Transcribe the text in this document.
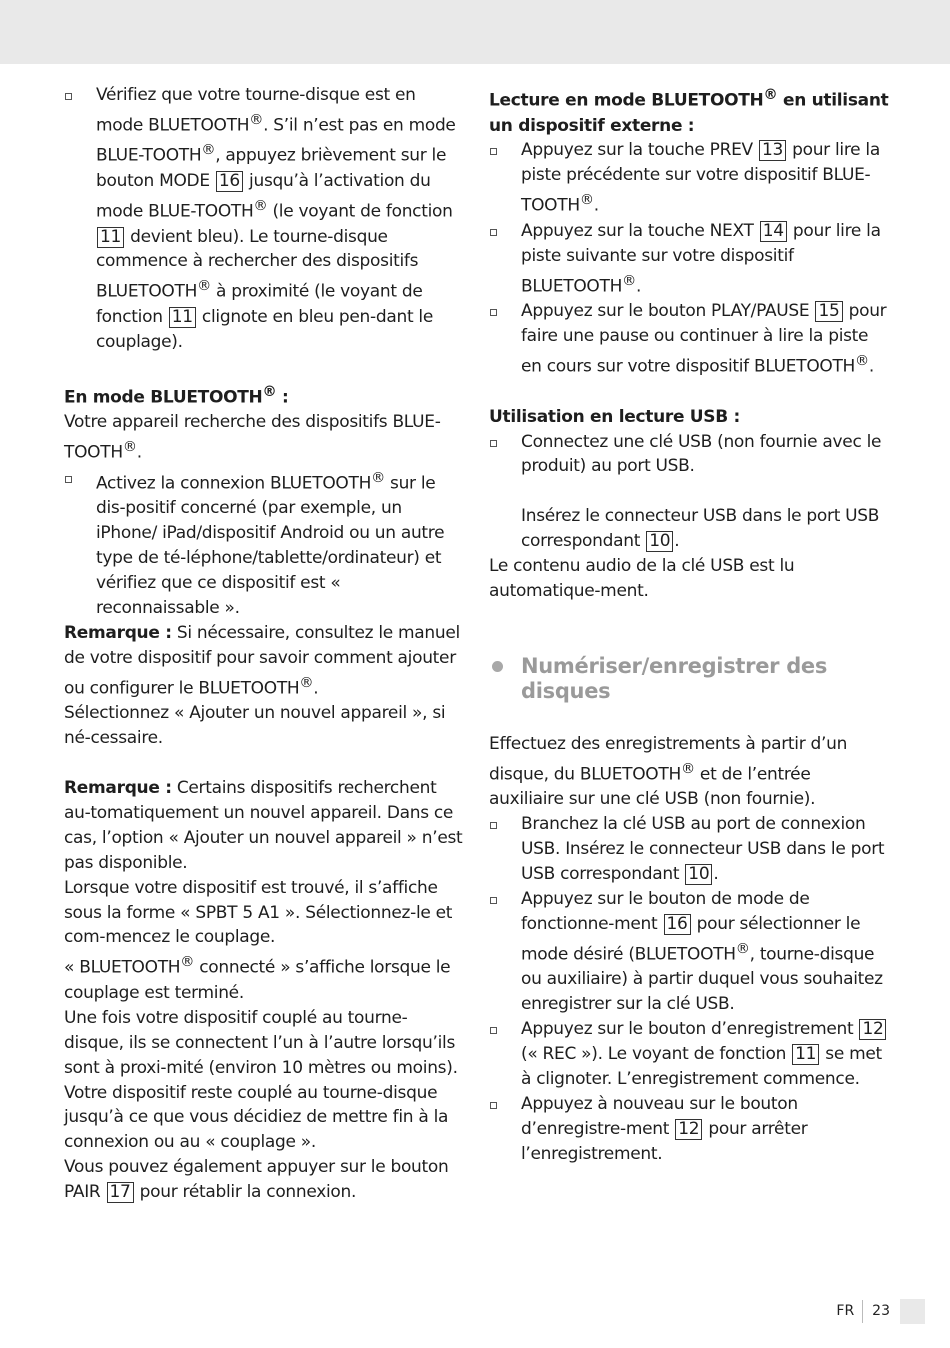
Vérifiez que votre tourne-disque est en mode BLUETOOTH®. S’il n’est pas en mode BLUE-TOOTH®, appuyez brièvement sur le bouton MODE 16 jusqu’à l’activation du mode BLUE-TOOTH® (le voyant de fonction 11 devient bleu). Le tourne-disque commence à rechercher des dispositifs BLUETOOTH® à proximité (le voyant de fonction 11 clignote en bleu pen-dant le couplage).

En mode BLUETOOTH® :

Votre appareil recherche des dispositifs BLUE-TOOTH®.

Activez la connexion BLUETOOTH® sur le dis-positif concerné (par exemple, un iPhone/ iPad/dispositif Android ou un autre type de té-léphone/tablette/ordinateur) et vérifiez que ce dispositif est « reconnaissable ».

Remarque : Si nécessaire, consultez le manuel de votre dispositif pour savoir comment ajouter ou configurer le BLUETOOTH®.

Sélectionnez « Ajouter un nouvel appareil », si né-cessaire.

Remarque : Certains dispositifs recherchent au-tomatiquement un nouvel appareil. Dans ce cas, l’option « Ajouter un nouvel appareil » n’est pas disponible.

Lorsque votre dispositif est trouvé, il s’affiche sous la forme « SPBT 5 A1 ». Sélectionnez-le et com-mencez le couplage.

« BLUETOOTH® connecté » s’affiche lorsque le couplage est terminé.

Une fois votre dispositif couplé au tourne-disque, ils se connectent l’un à l’autre lorsqu’ils sont à proxi-mité (environ 10 mètres ou moins).

Votre dispositif reste couplé au tourne-disque jusqu’à ce que vous décidiez de mettre fin à la connexion ou au « couplage ».

Vous pouvez également appuyer sur le bouton PAIR 17 pour rétablir la connexion.

Lecture en mode BLUETOOTH® en utilisant un dispositif externe :

Appuyez sur la touche PREV 13 pour lire la piste précédente sur votre dispositif BLUE-TOOTH®.

Appuyez sur la touche NEXT 14 pour lire la piste suivante sur votre dispositif BLUETOOTH®.

Appuyez sur le bouton PLAY/PAUSE 15 pour faire une pause ou continuer à lire la piste en cours sur votre dispositif BLUETOOTH®.

Utilisation en lecture USB :

Connectez une clé USB (non fournie avec le produit) au port USB.

Insérez le connecteur USB dans le port USB correspondant 10 .

Le contenu audio de la clé USB est lu automatique-ment.

Numériser/enregistrer des disques

Effectuez des enregistrements à partir d’un disque, du BLUETOOTH® et de l’entrée auxiliaire sur une clé USB (non fournie).

Branchez la clé USB au port de connexion USB. Insérez le connecteur USB dans le port USB correspondant 10 .

Appuyez sur le bouton de mode de fonctionne-ment 16 pour sélectionner le mode désiré (BLUETOOTH®, tourne-disque ou auxiliaire) à partir duquel vous souhaitez enregistrer sur la clé USB.

Appuyez sur le bouton d’enregistrement 12 (« REC »). Le voyant de fonction 11 se met à clignoter. L’enregistrement commence.

Appuyez à nouveau sur le bouton d’enregistre-ment 12 pour arrêter l’enregistrement.

FR	23
